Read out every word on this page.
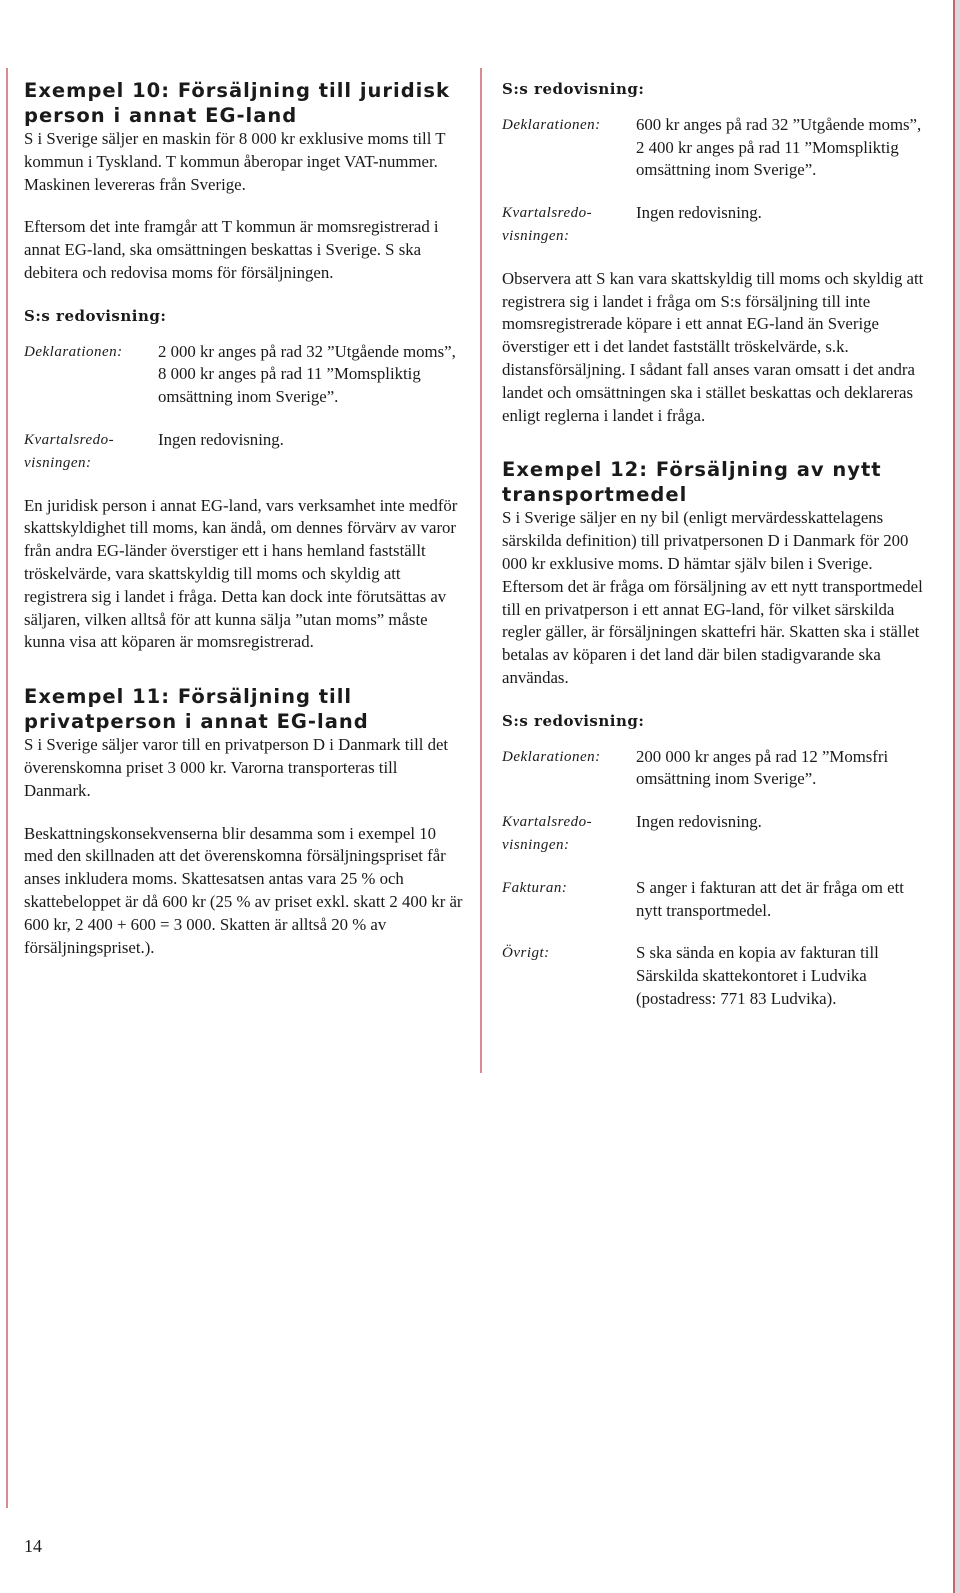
Exempel 10: Försäljning till juridisk
person i annat EG-land

S i Sverige säljer en maskin för 8 000 kr exklusive moms till T kommun i Tyskland. T kommun åberopar inget VAT-nummer. Maskinen levereras från Sverige.

Eftersom det inte framgår att T kommun är momsregistrerad i annat EG-land, ska omsättningen beskattas i Sverige. S ska debitera och redovisa moms för försäljningen.

S:s redovisning:

Deklarationen:	2 000 kr anges på rad 32 ”Utgående moms”, 8 000 kr anges på rad 11 ”Momspliktig omsättning inom Sverige”.
Kvartalsredo-
visningen:
Ingen redovisning.

En juridisk person i annat EG-land, vars verksamhet inte medför skattskyldighet till moms, kan ändå, om dennes förvärv av varor från andra EG-länder överstiger ett i hans hemland fastställt tröskelvärde, vara skattskyldig till moms och skyldig att registrera sig i landet i fråga. Detta kan dock inte förutsättas av säljaren, vilken alltså för att kunna sälja ”utan moms” måste kunna visa att köparen är momsregistrerad.

Exempel 11: Försäljning till
privatperson i annat EG-land

S i Sverige säljer varor till en privatperson D i Danmark till det överenskomna priset 3 000 kr. Varorna transporteras till Danmark.

Beskattningskonsekvenserna blir desamma som i exempel 10 med den skillnaden att det överenskomna försäljningspriset får anses inkludera moms. Skattesatsen antas vara 25 % och skattebeloppet är då 600 kr (25 % av priset exkl. skatt 2 400 kr är 600 kr, 2 400 + 600 = 3 000. Skatten är alltså 20 % av försäljningspriset.).

S:s redovisning:

Deklarationen:	600 kr anges på rad 32 ”Utgående moms”, 2 400 kr anges på rad 11 ”Momspliktig omsättning inom Sverige”.
Kvartalsredo-
visningen:
Ingen redovisning.

Observera att S kan vara skattskyldig till moms och skyldig att registrera sig i landet i fråga om S:s försäljning till inte momsregistrerade köpare i ett annat EG-land än Sverige överstiger ett i det landet fastställt tröskelvärde, s.k. distansförsäljning. I sådant fall anses varan omsatt i det andra landet och omsättningen ska i stället beskattas och deklareras enligt reglerna i landet i fråga.

Exempel 12: Försäljning av nytt
transportmedel

S i Sverige säljer en ny bil (enligt mervärdesskattelagens särskilda definition) till privatpersonen D i Danmark för 200 000 kr exklusive moms. D hämtar själv bilen i Sverige. Eftersom det är fråga om försäljning av ett nytt transportmedel till en privatperson i ett annat EG-land, för vilket särskilda regler gäller, är försäljningen skattefri här. Skatten ska i stället betalas av köparen i det land där bilen stadigvarande ska användas.

S:s redovisning:

Deklarationen:	200 000 kr anges på rad 12 ”Momsfri omsättning inom Sverige”.
Kvartalsredo-
visningen:
Ingen redovisning.
Fakturan:	S anger i fakturan att det är fråga om ett nytt transportmedel.
Övrigt:	S ska sända en kopia av fakturan till Särskilda skattekontoret i Ludvika (postadress: 771 83 Ludvika).
14
